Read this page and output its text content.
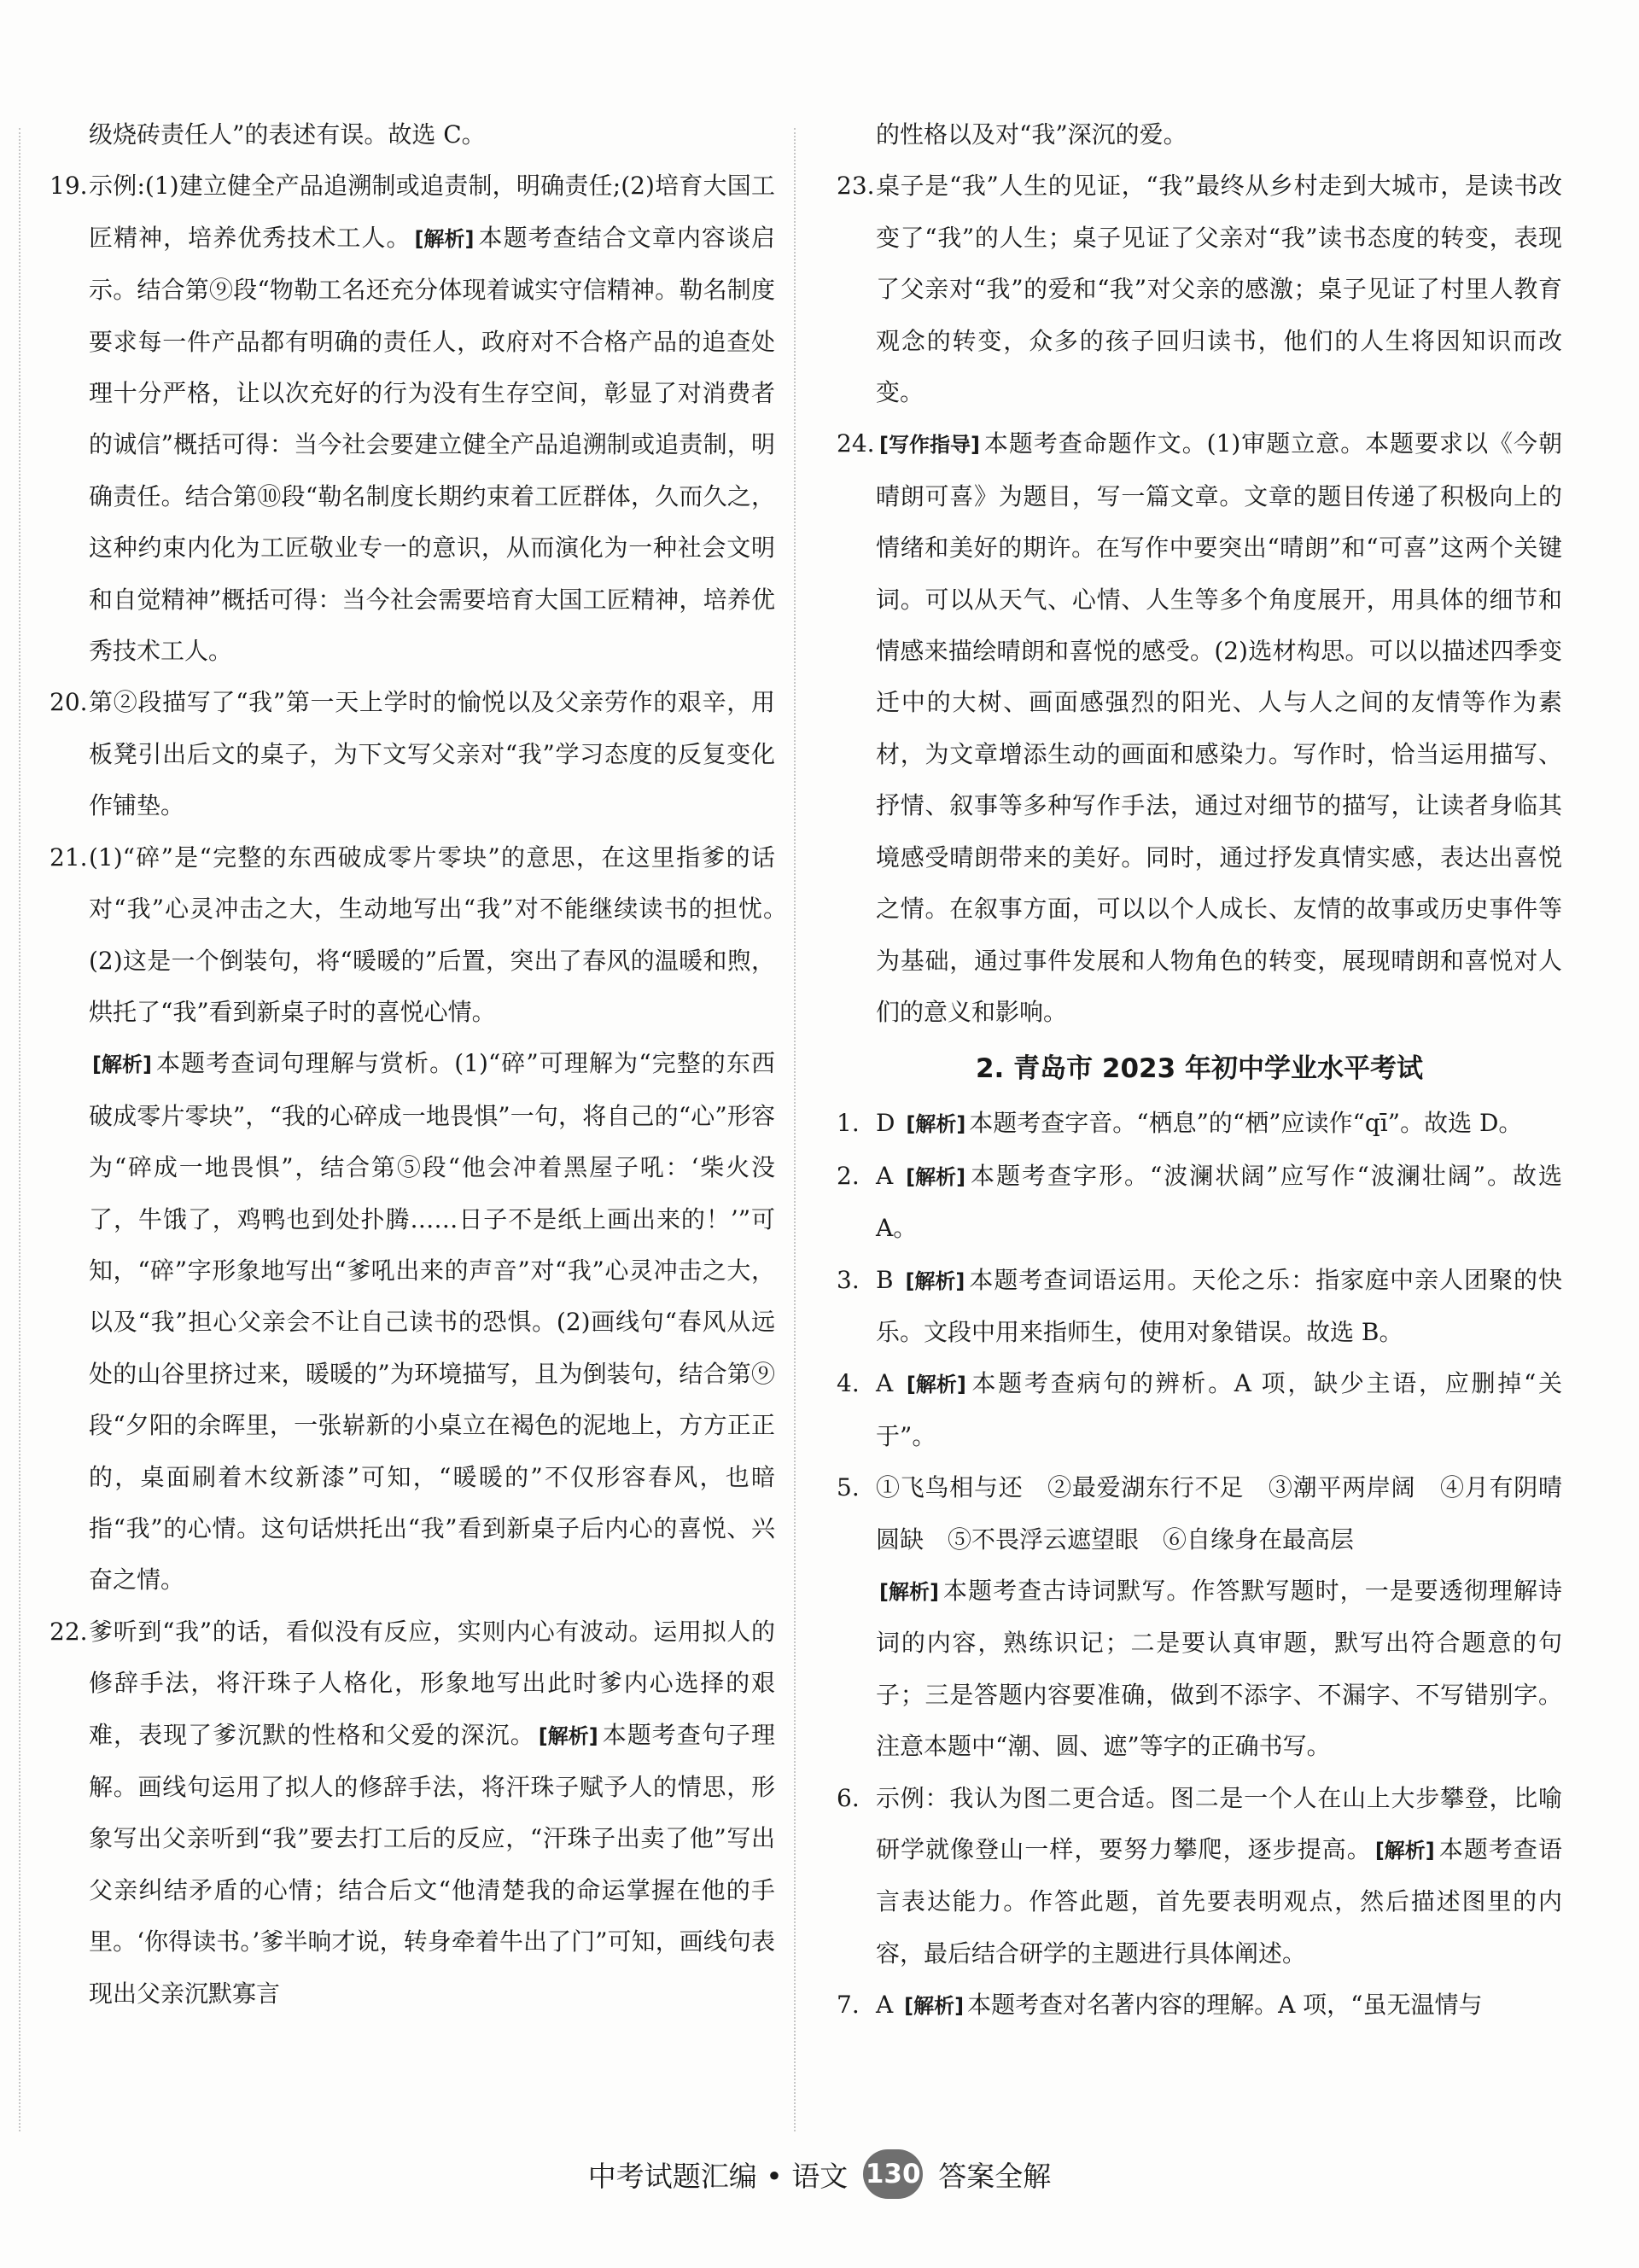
级烧砖责任人”的表述有误。故选 C。
19. 示例:(1)建立健全产品追溯制或追责制，明确责任;(2)培育大国工匠精神，培养优秀技术工人。 [解析] 本题考查结合文章内容谈启示。结合第⑨段“物勒工名还充分体现着诚实守信精神。勒名制度要求每一件产品都有明确的责任人，政府对不合格产品的追查处理十分严格，让以次充好的行为没有生存空间，彰显了对消费者的诚信”概括可得：当今社会要建立健全产品追溯制或追责制，明确责任。结合第⑩段“勒名制度长期约束着工匠群体，久而久之，这种约束内化为工匠敬业专一的意识，从而演化为一种社会文明和自觉精神”概括可得：当今社会需要培育大国工匠精神，培养优秀技术工人。
20. 第②段描写了“我”第一天上学时的愉悦以及父亲劳作的艰辛，用板凳引出后文的桌子，为下文写父亲对“我”学习态度的反复变化作铺垫。
21. (1)“碎”是“完整的东西破成零片零块”的意思，在这里指爹的话对“我”心灵冲击之大，生动地写出“我”对不能继续读书的担忧。　(2)这是一个倒装句，将“暖暖的”后置，突出了春风的温暖和煦，烘托了“我”看到新桌子时的喜悦心情。
[解析] 本题考查词句理解与赏析。(1)“碎”可理解为“完整的东西破成零片零块”，“我的心碎成一地畏惧”一句，将自己的“心”形容为“碎成一地畏惧”，结合第⑤段“他会冲着黑屋子吼：‘柴火没了，牛饿了，鸡鸭也到处扑腾……日子不是纸上画出来的！’”可知，“碎”字形象地写出“爹吼出来的声音”对“我”心灵冲击之大，以及“我”担心父亲会不让自己读书的恐惧。(2)画线句“春风从远处的山谷里挤过来，暖暖的”为环境描写，且为倒装句，结合第⑨段“夕阳的余晖里，一张崭新的小桌立在褐色的泥地上，方方正正的，桌面刷着木纹新漆”可知，“暖暖的”不仅形容春风，也暗指“我”的心情。这句话烘托出“我”看到新桌子后内心的喜悦、兴奋之情。
22. 爹听到“我”的话，看似没有反应，实则内心有波动。运用拟人的修辞手法，将汗珠子人格化，形象地写出此时爹内心选择的艰难，表现了爹沉默的性格和父爱的深沉。 [解析] 本题考查句子理解。画线句运用了拟人的修辞手法，将汗珠子赋予人的情思，形象写出父亲听到“我”要去打工后的反应，“汗珠子出卖了他”写出父亲纠结矛盾的心情；结合后文“他清楚我的命运掌握在他的手里。‘你得读书。’爹半晌才说，转身牵着牛出了门”可知，画线句表现出父亲沉默寡言
的性格以及对“我”深沉的爱。
23. 桌子是“我”人生的见证，“我”最终从乡村走到大城市，是读书改变了“我”的人生；桌子见证了父亲对“我”读书态度的转变，表现了父亲对“我”的爱和“我”对父亲的感激；桌子见证了村里人教育观念的转变，众多的孩子回归读书，他们的人生将因知识而改变。
24. [写作指导] 本题考查命题作文。(1)审题立意。本题要求以《今朝晴朗可喜》为题目，写一篇文章。文章的题目传递了积极向上的情绪和美好的期许。在写作中要突出“晴朗”和“可喜”这两个关键词。可以从天气、心情、人生等多个角度展开，用具体的细节和情感来描绘晴朗和喜悦的感受。(2)选材构思。可以以描述四季变迁中的大树、画面感强烈的阳光、人与人之间的友情等作为素材，为文章增添生动的画面和感染力。写作时，恰当运用描写、抒情、叙事等多种写作手法，通过对细节的描写，让读者身临其境感受晴朗带来的美好。同时，通过抒发真情实感，表达出喜悦之情。在叙事方面，可以以个人成长、友情的故事或历史事件等为基础，通过事件发展和人物角色的转变，展现晴朗和喜悦对人们的意义和影响。
2. 青岛市 2023 年初中学业水平考试
1. D [解析] 本题考查字音。“栖息”的“栖”应读作“qī”。故选 D。
2. A [解析] 本题考查字形。“波澜状阔”应写作“波澜壮阔”。故选 A。
3. B [解析] 本题考查词语运用。天伦之乐：指家庭中亲人团聚的快乐。文段中用来指师生，使用对象错误。故选 B。
4. A [解析] 本题考查病句的辨析。A 项，缺少主语，应删掉“关于”。
5. ①飞鸟相与还　②最爱湖东行不足　③潮平两岸阔　④月有阴晴圆缺　⑤不畏浮云遮望眼　⑥自缘身在最高层
[解析] 本题考查古诗词默写。作答默写题时，一是要透彻理解诗词的内容，熟练识记；二是要认真审题，默写出符合题意的句子；三是答题内容要准确，做到不添字、不漏字、不写错别字。注意本题中“潮、圆、遮”等字的正确书写。
6. 示例：我认为图二更合适。图二是一个人在山上大步攀登，比喻研学就像登山一样，要努力攀爬，逐步提高。 [解析] 本题考查语言表达能力。作答此题，首先要表明观点，然后描述图里的内容，最后结合研学的主题进行具体阐述。
7. A [解析] 本题考查对名著内容的理解。A 项，“虽无温情与
中考试题汇编 • 语文 130 答案全解
